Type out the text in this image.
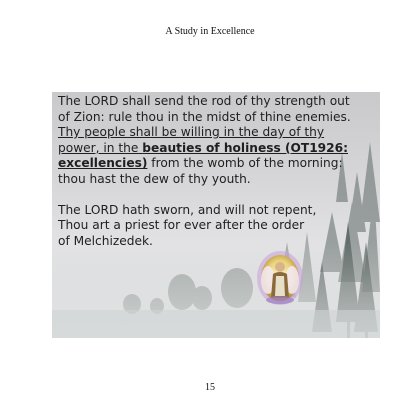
A Study in Excellence
The LORD shall send the rod of thy strength out
of Zion: rule thou in the midst of thine enemies.
Thy people shall be willing in the day of thy
power, in the beauties of holiness (OT1926:
excellencies) from the womb of the morning:
thou hast the dew of thy youth.
The LORD hath sworn, and will not repent,
Thou art a priest for ever after the order
of Melchizedek.
15
